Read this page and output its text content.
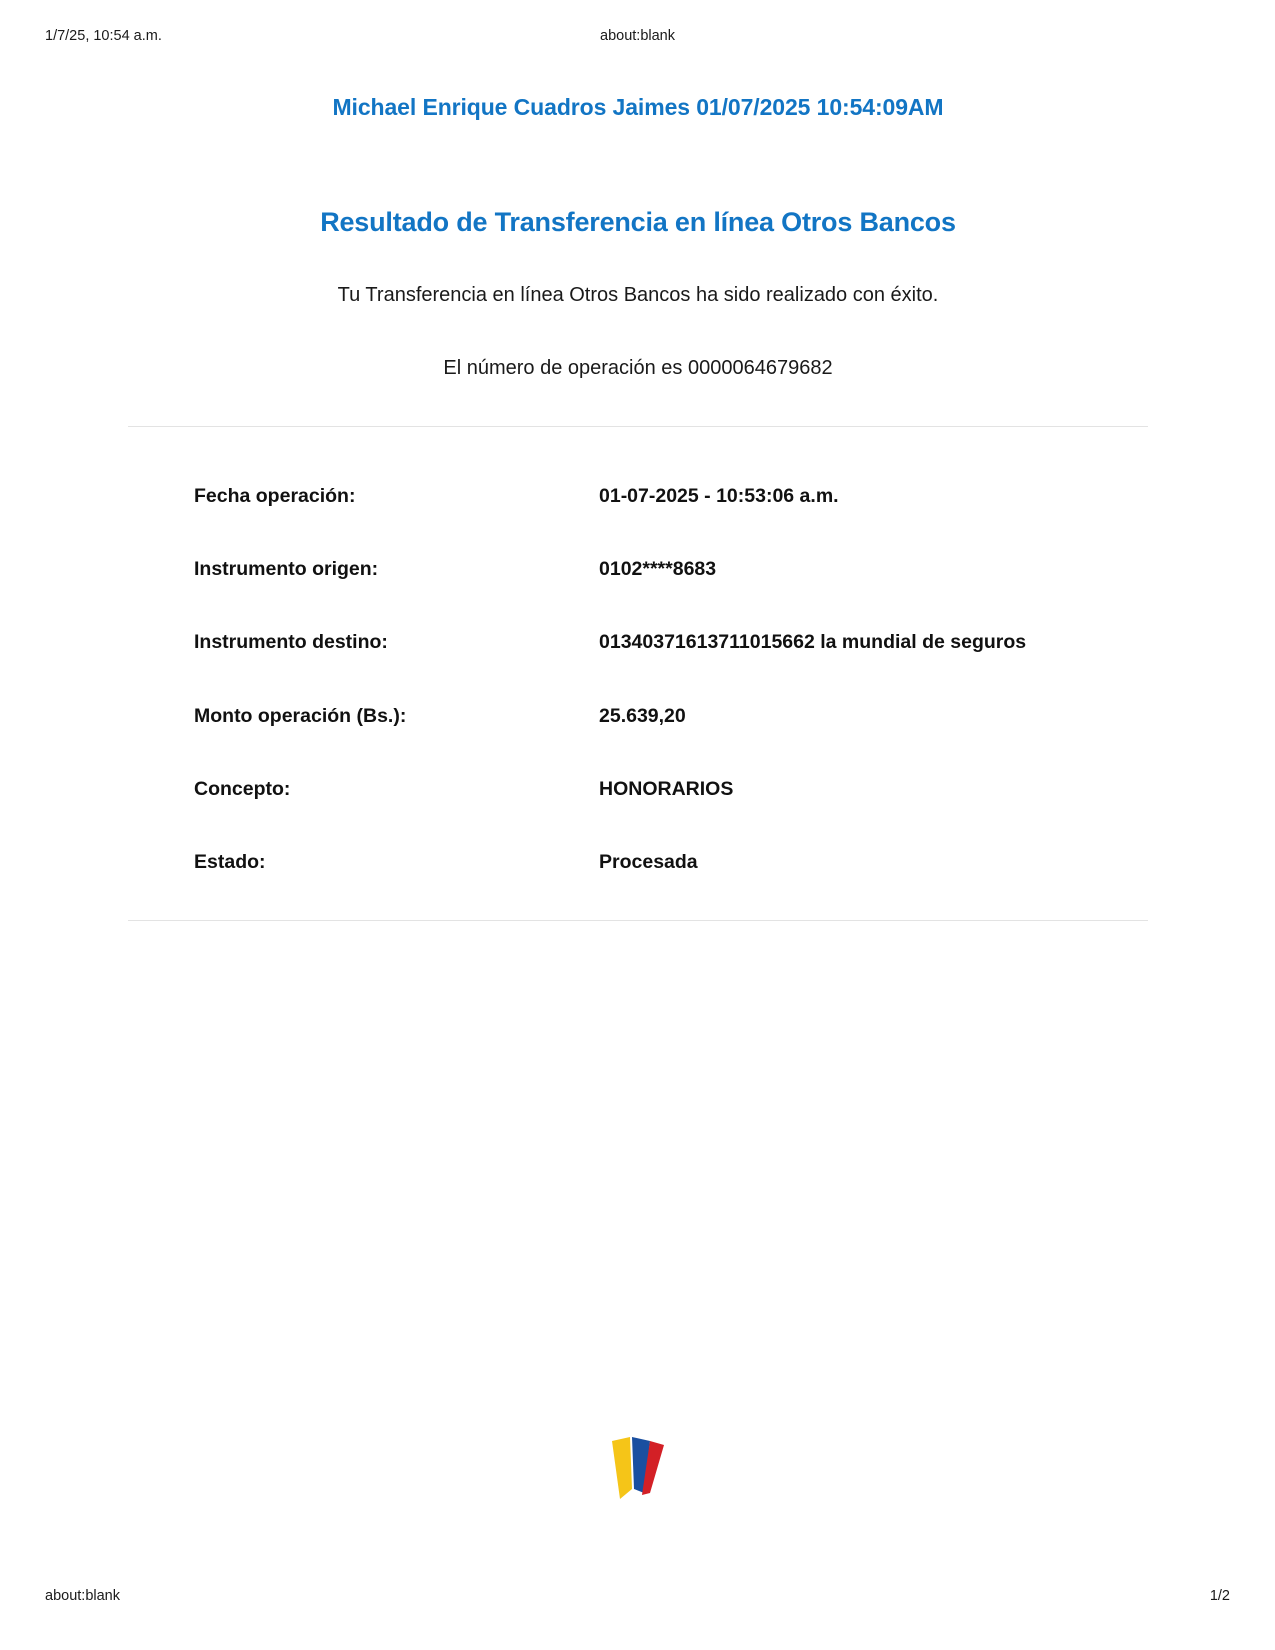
1/7/25, 10:54 a.m.	about:blank
Michael Enrique Cuadros Jaimes 01/07/2025 10:54:09AM
Resultado de Transferencia en línea Otros Bancos

Tu Transferencia en línea Otros Bancos ha sido realizado con éxito.

El número de operación es 0000064679682

Fecha operación:	01-07-2025 - 10:53:06 a.m.
Instrumento origen:	0102****8683
Instrumento destino:	01340371613711015662 la mundial de seguros
Monto operación (Bs.):	25.639,20
Concepto:	HONORARIOS
Estado:	Procesada
about:blank	1/2
